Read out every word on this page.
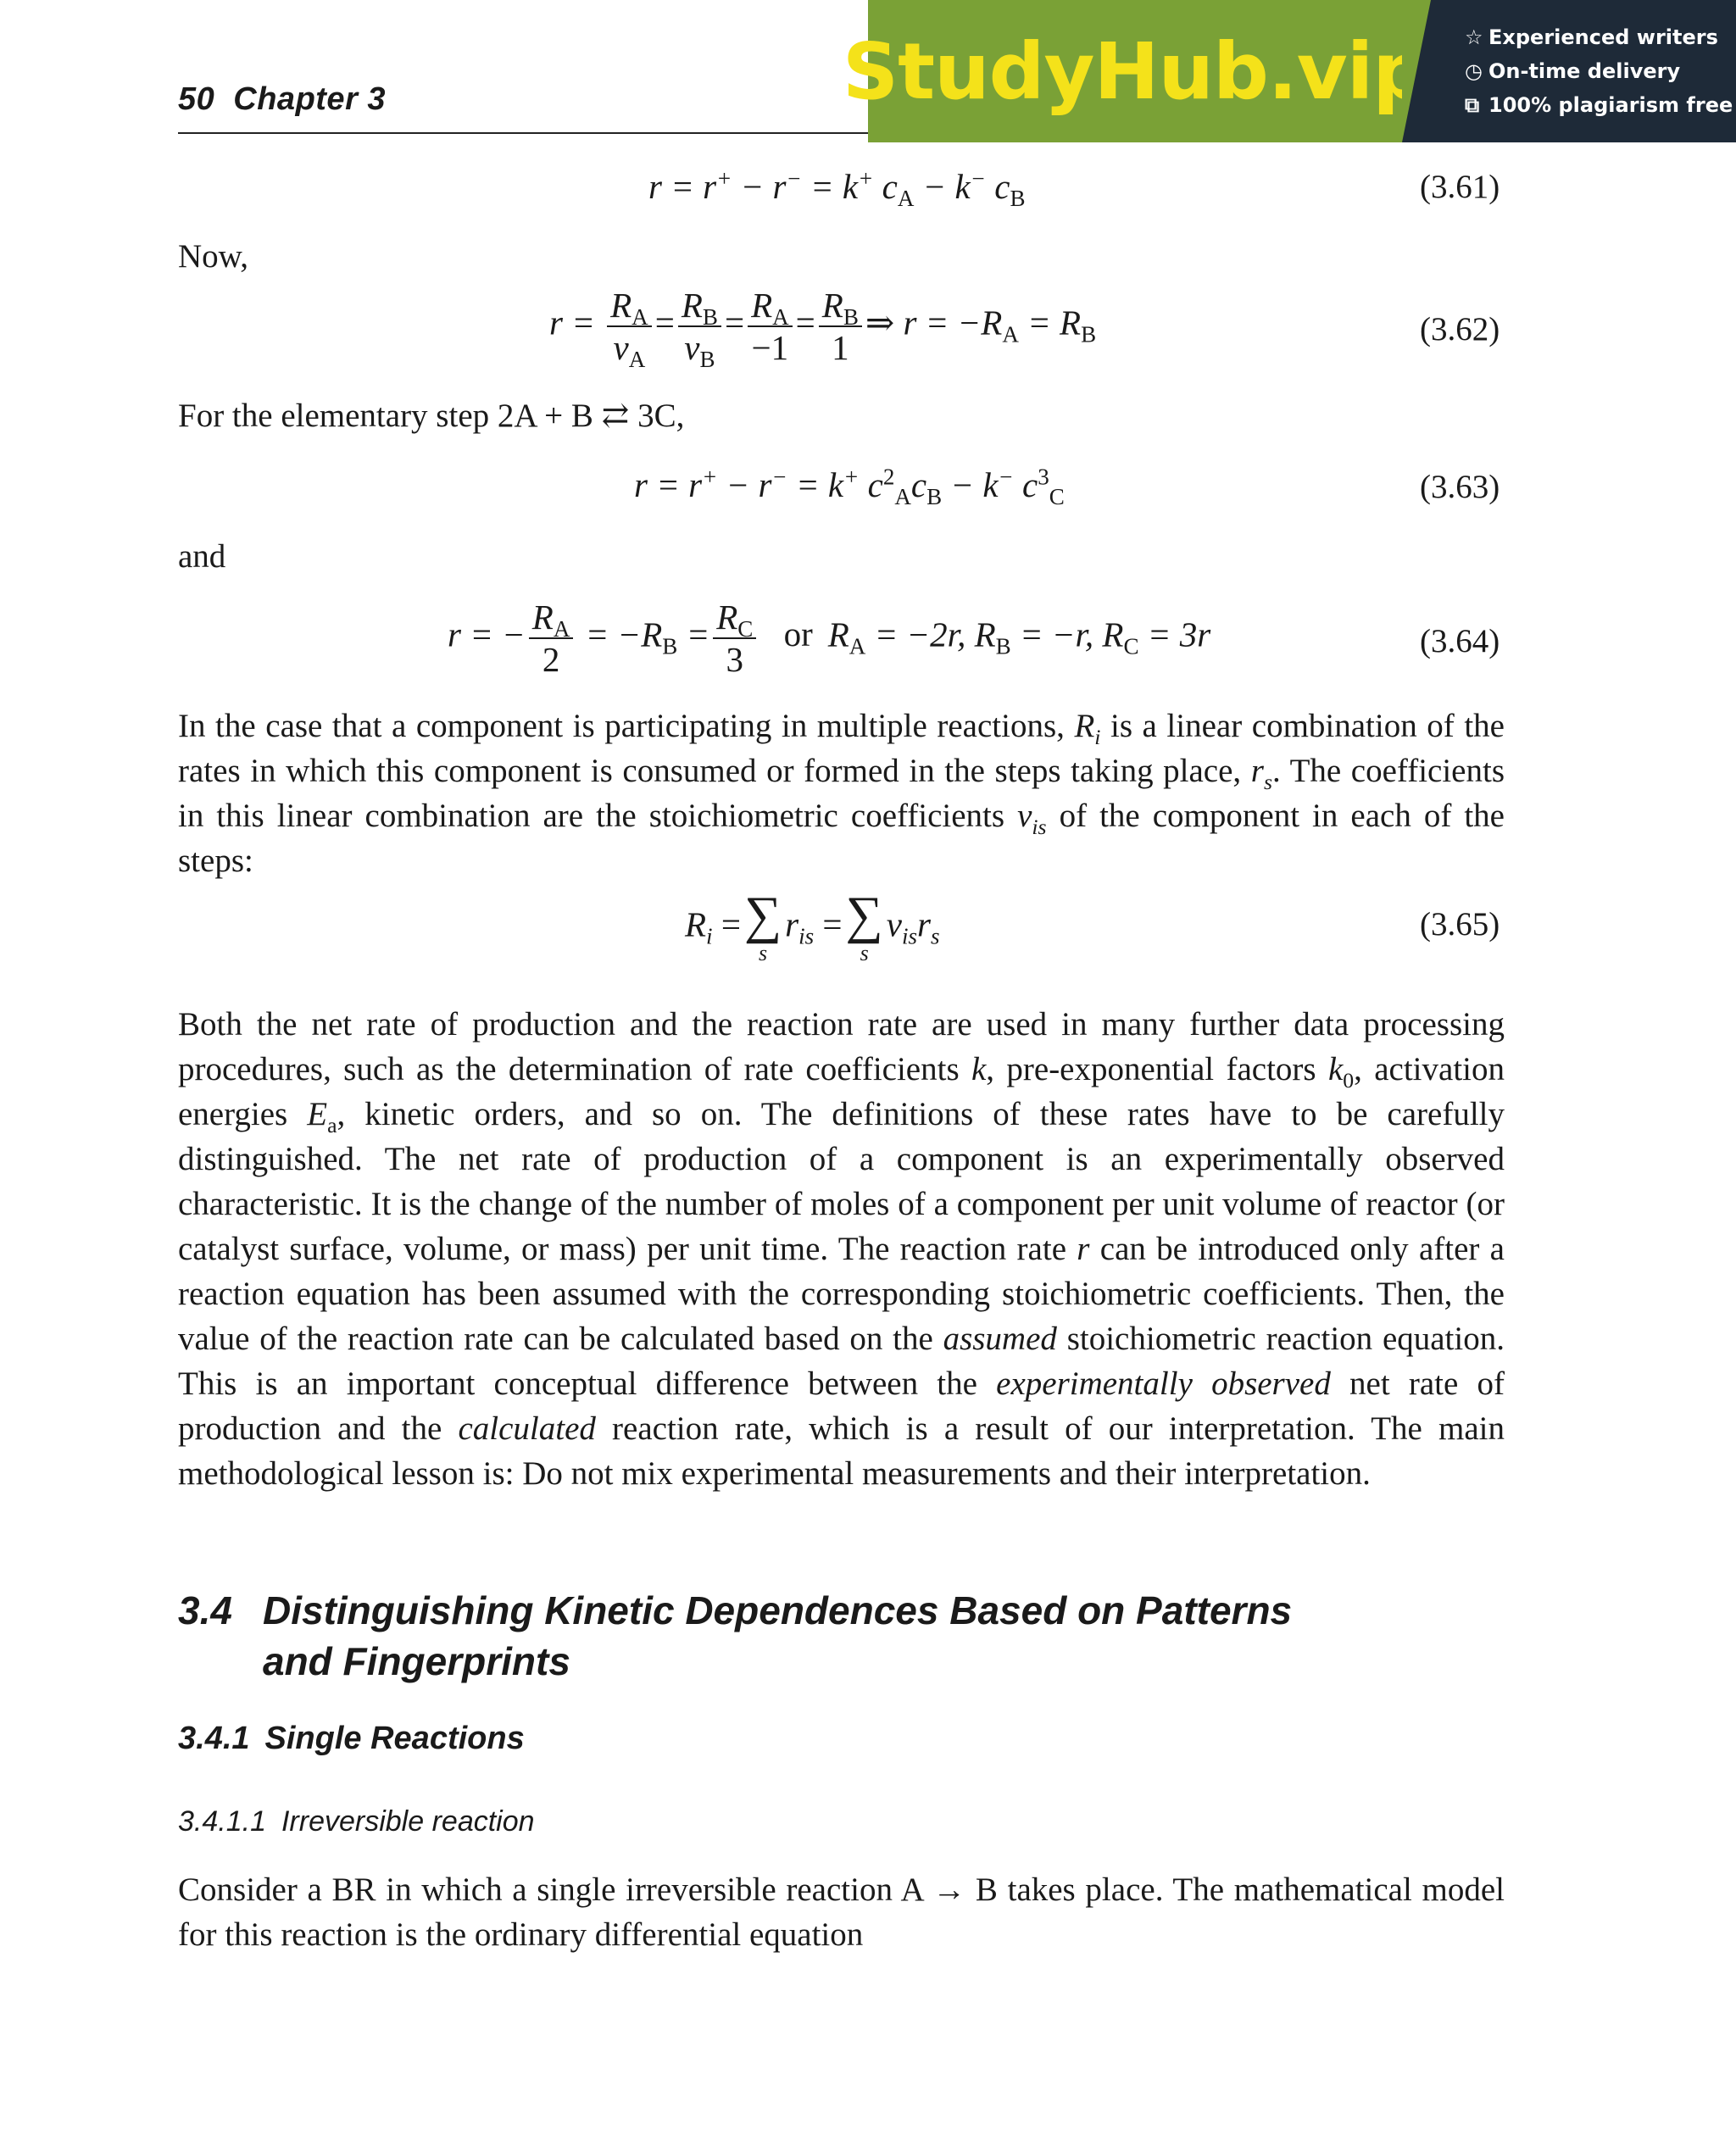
50 Chapter 3	StudyHub.vip ☆ Experienced writers
◷ On-time delivery
⧉ 100% plagiarism free
r = r+ − r− = k+ $c_A - k^-$ $c_B$	(3.61)
Now,
$r = \frac{R_A}{\nu_A} = \frac{R_B}{\nu_B} = \frac{R_A}{-1} = \frac{R_B}{1}$ ⇒ $r = -R_A = R_B$	(3.62)
For the elementary step 2A + B ⇄ 3C,
r = r+ − r− = k+ $c^2_Ac_B - k^-$ $c^3_C$	(3.63)
and
r = − $\frac{R_A}{2} = -R_B = \frac{R_C}{3}$ or $R_A = -2r$, $R_B = -r$, $R_C = 3r$	(3.64)
In the case that a component is participating in multiple reactions, $R_i$ is a linear combination of the rates in which this component is consumed or formed in the steps taking place, $r_s$. The coefficients in this linear combination are the stoichiometric coefficients $\nu_{is}$ of the component in each of the steps:
$R_i$ = ∑
s
$r_{is}$ = ∑
s
$\nu_{is}r_s$	(3.65)
Both the net rate of production and the reaction rate are used in many further data processing procedures, such as the determination of rate coefficients k, pre-exponential factors $k_0$, activation energies $E_a$, kinetic orders, and so on. The definitions of these rates have to be carefully distinguished. The net rate of production of a component is an experimentally observed characteristic. It is the change of the number of moles of a component per unit volume of reactor (or catalyst surface, volume, or mass) per unit time. The reaction rate r can be introduced only after a reaction equation has been assumed with the corresponding stoichiometric coefficients. Then, the value of the reaction rate can be calculated based on the assumed stoichiometric reaction equation. This is an important conceptual difference between the experimentally observed net rate of production and the calculated reaction rate, which is a result of our interpretation. The main methodological lesson is: Do not mix experimental measurements and their interpretation.
3.4 Distinguishing Kinetic Dependences Based on Patterns
and Fingerprints
3.4.1 Single Reactions
3.4.1.1 Irreversible reaction
Consider a BR in which a single irreversible reaction A → B takes place. The mathematical model for this reaction is the ordinary differential equation
